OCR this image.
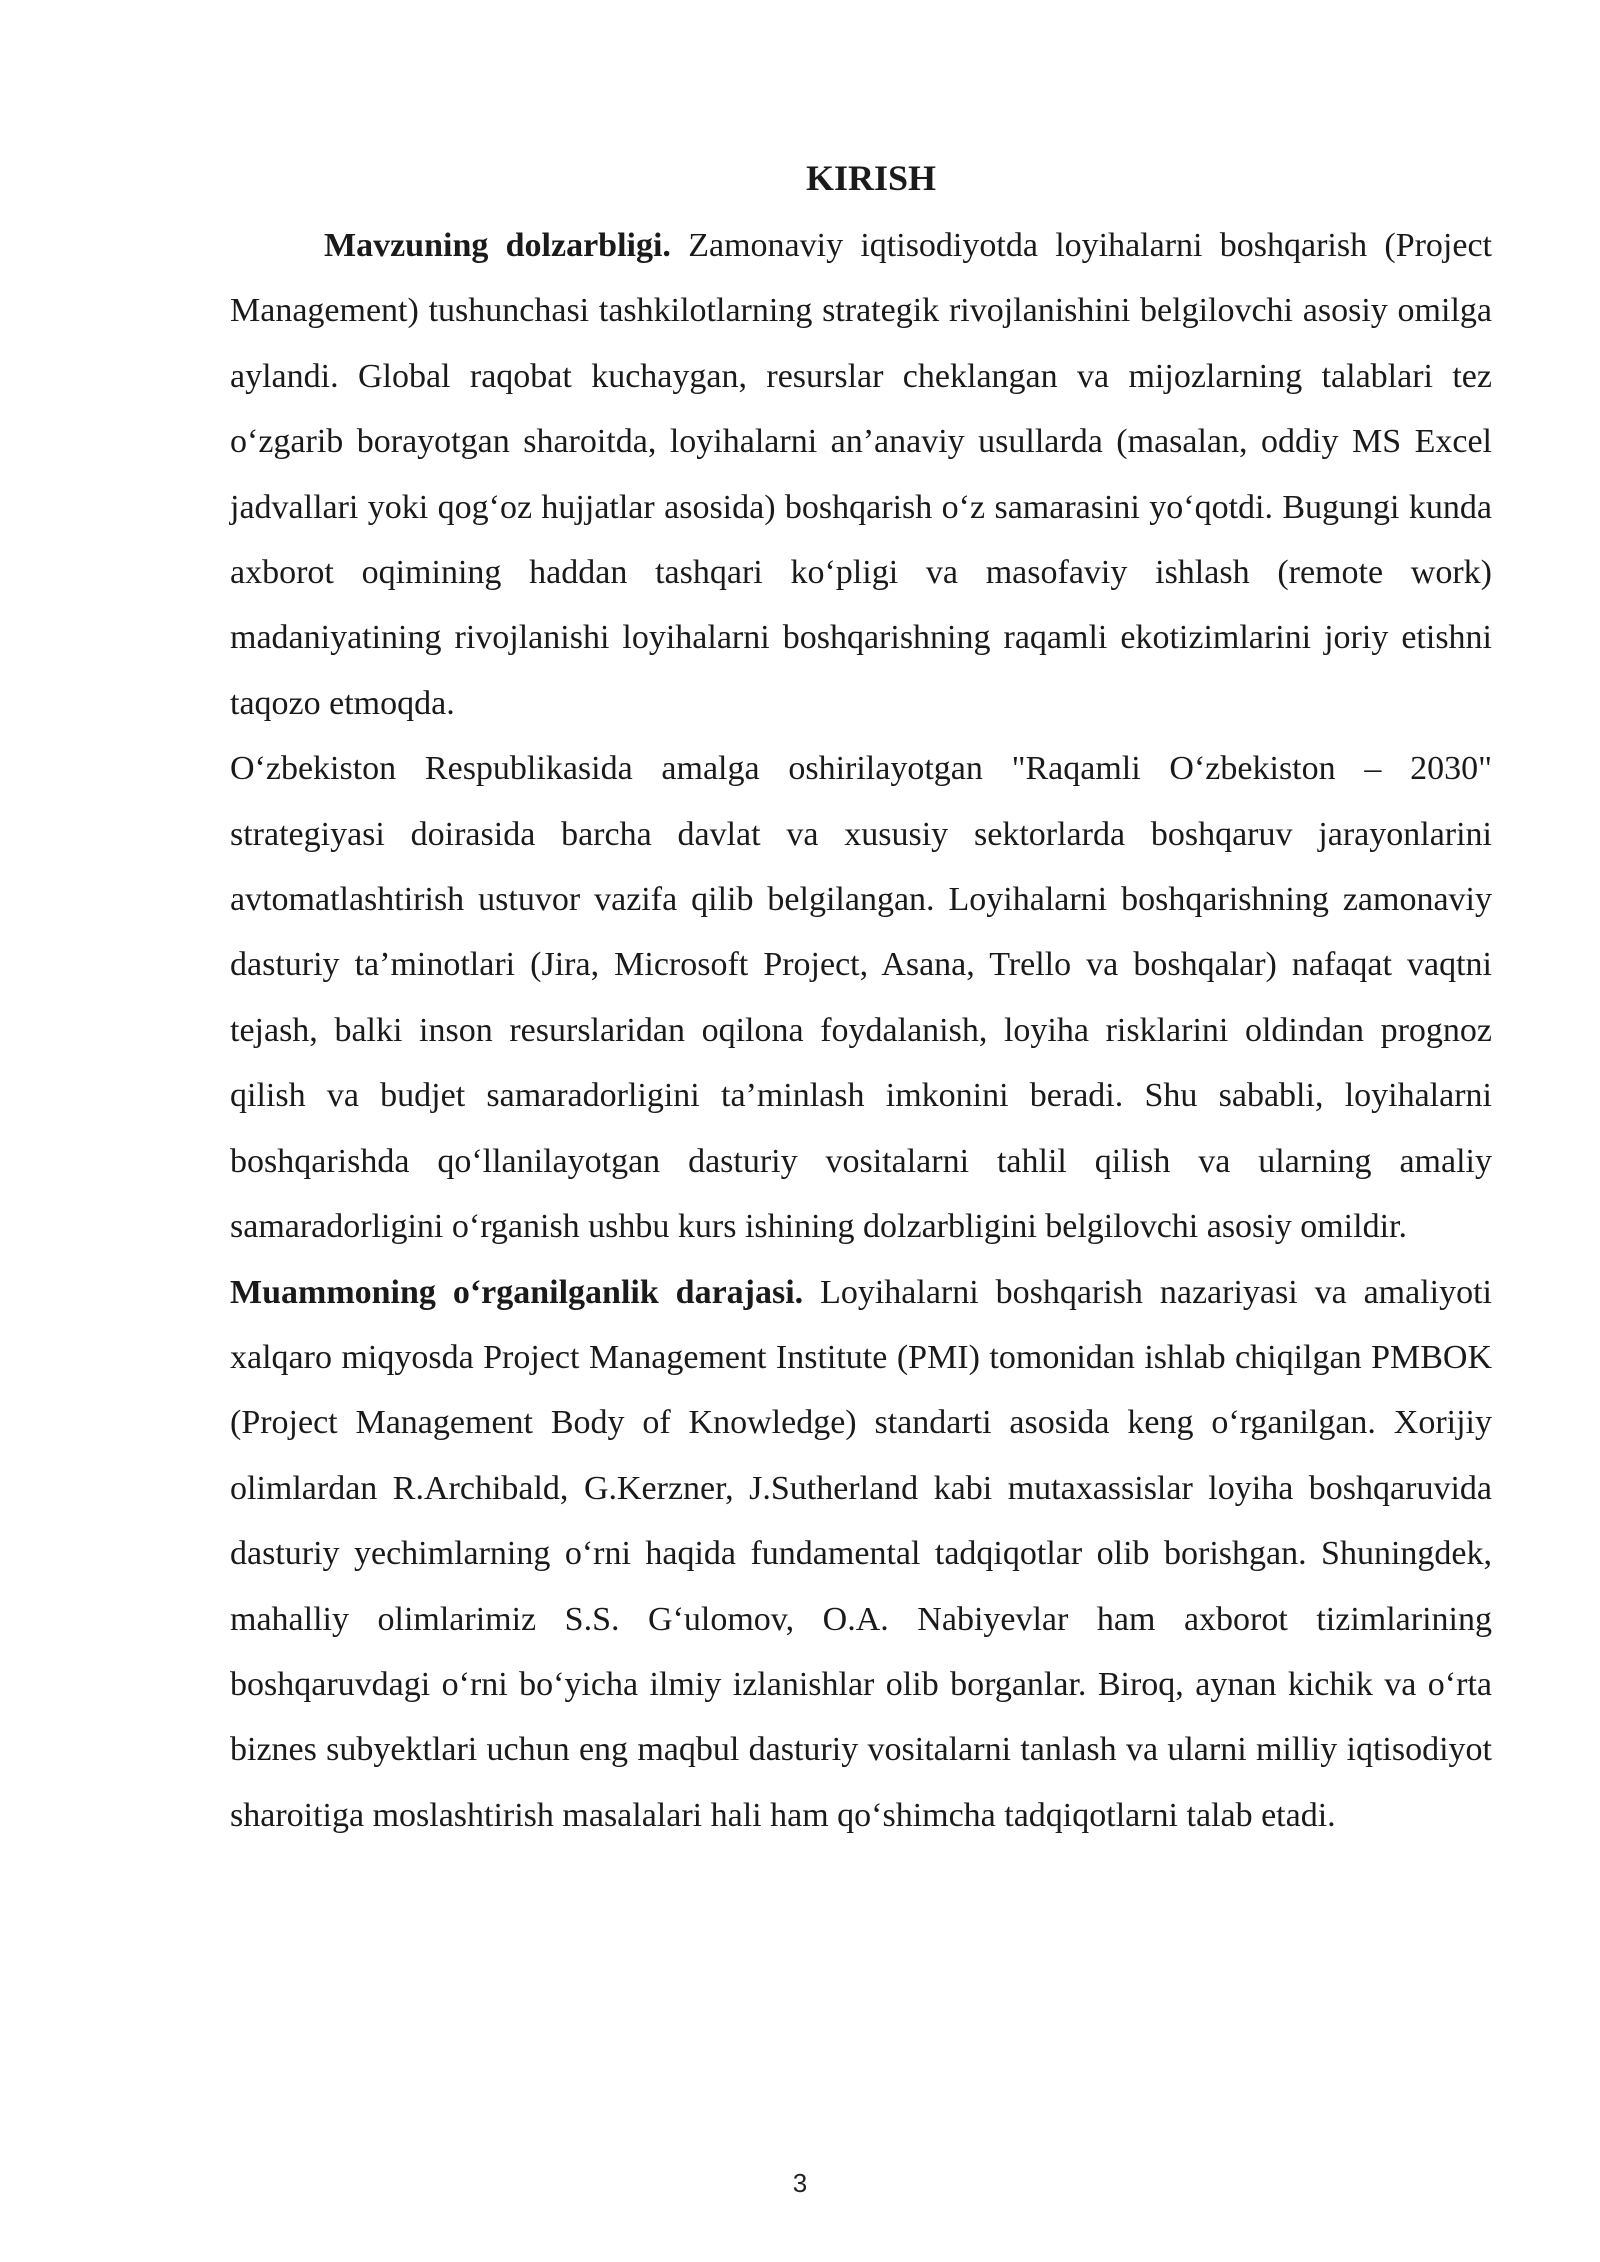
KIRISH

Mavzuning dolzarbligi. Zamonaviy iqtisodiyotda loyihalarni boshqarish (Project Management) tushunchasi tashkilotlarning strategik rivojlanishini belgilovchi asosiy omilga aylandi. Global raqobat kuchaygan, resurslar cheklangan va mijozlarning talablari tez o‘zgarib borayotgan sharoitda, loyihalarni an’anaviy usullarda (masalan, oddiy MS Excel jadvallari yoki qog‘oz hujjatlar asosida) boshqarish o‘z samarasini yo‘qotdi. Bugungi kunda axborot oqimining haddan tashqari ko‘pligi va masofaviy ishlash (remote work) madaniyatining rivojlanishi loyihalarni boshqarishning raqamli ekotizimlarini joriy etishni taqozo etmoqda.

O‘zbekiston Respublikasida amalga oshirilayotgan "Raqamli O‘zbekiston – 2030" strategiyasi doirasida barcha davlat va xususiy sektorlarda boshqaruv jarayonlarini avtomatlashtirish ustuvor vazifa qilib belgilangan. Loyihalarni boshqarishning zamonaviy dasturiy ta’minotlari (Jira, Microsoft Project, Asana, Trello va boshqalar) nafaqat vaqtni tejash, balki inson resurslaridan oqilona foydalanish, loyiha risklarini oldindan prognoz qilish va budjet samaradorligini ta’minlash imkonini beradi. Shu sababli, loyihalarni boshqarishda qo‘llanilayotgan dasturiy vositalarni tahlil qilish va ularning amaliy samaradorligini o‘rganish ushbu kurs ishining dolzarbligini belgilovchi asosiy omildir.

Muammoning o‘rganilganlik darajasi. Loyihalarni boshqarish nazariyasi va amaliyoti xalqaro miqyosda Project Management Institute (PMI) tomonidan ishlab chiqilgan PMBOK (Project Management Body of Knowledge) standarti asosida keng o‘rganilgan. Xorijiy olimlardan R.Archibald, G.Kerzner, J.Sutherland kabi mutaxassislar loyiha boshqaruvida dasturiy yechimlarning o‘rni haqida fundamental tadqiqotlar olib borishgan. Shuningdek, mahalliy olimlarimiz S.S. G‘ulomov, O.A. Nabiyevlar ham axborot tizimlarining boshqaruvdagi o‘rni bo‘yicha ilmiy izlanishlar olib borganlar. Biroq, aynan kichik va o‘rta biznes subyektlari uchun eng maqbul dasturiy vositalarni tanlash va ularni milliy iqtisodiyot sharoitiga moslashtirish masalalari hali ham qo‘shimcha tadqiqotlarni talab etadi.

3
